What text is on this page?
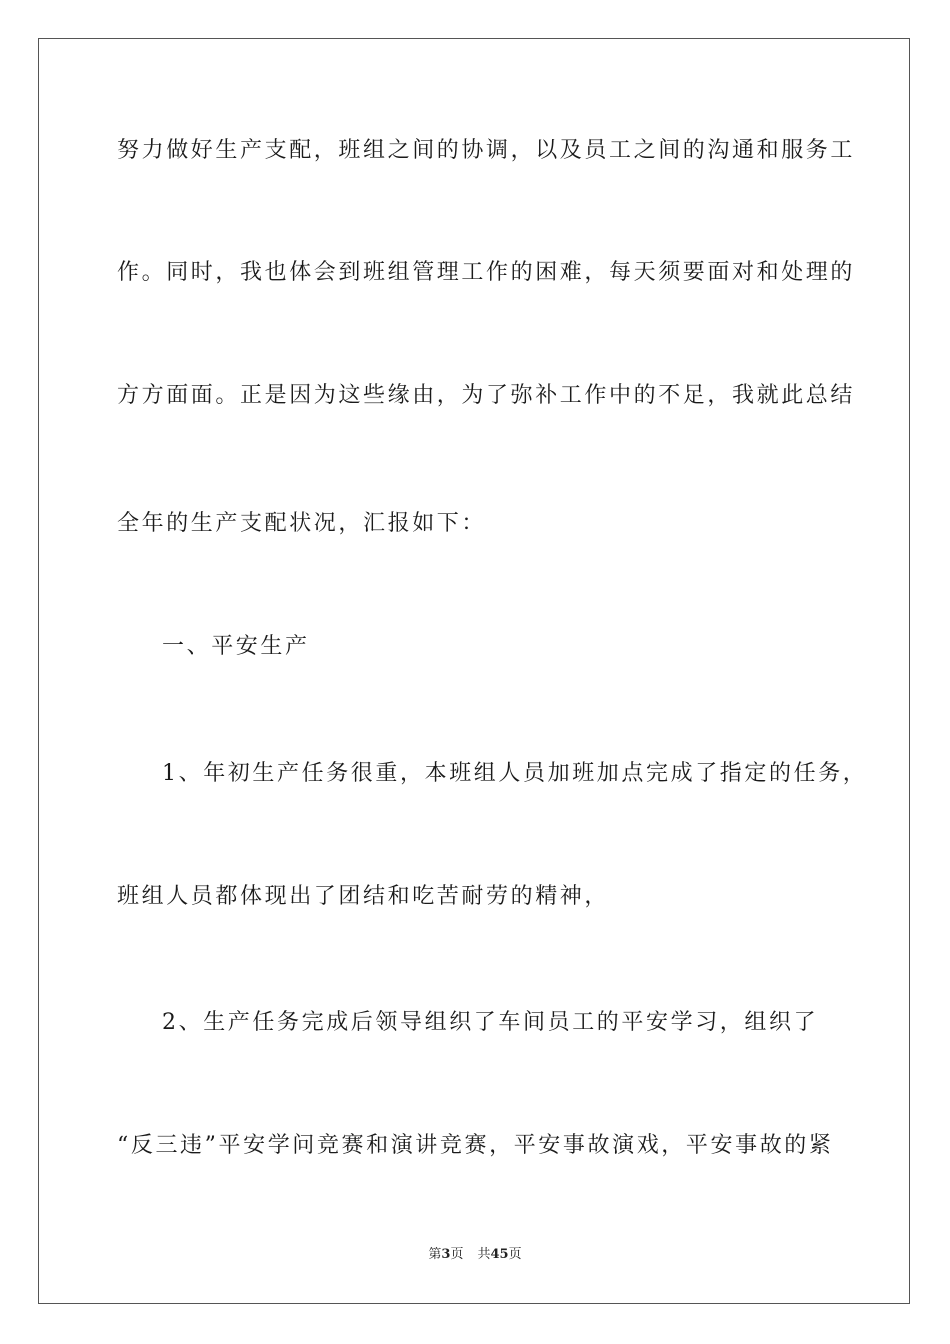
努力做好生产支配，班组之间的协调，以及员工之间的沟通和服务工
作。同时，我也体会到班组管理工作的困难，每天须要面对和处理的
方方面面。正是因为这些缘由，为了弥补工作中的不足，我就此总结
全年的生产支配状况，汇报如下：
一、平安生产
1、年初生产任务很重，本班组人员加班加点完成了指定的任务，
班组人员都体现出了团结和吃苦耐劳的精神，
2、生产任务完成后领导组织了车间员工的平安学习，组织了
“反三违”平安学问竞赛和演讲竞赛，平安事故演戏，平安事故的紧
第3页 共45页
